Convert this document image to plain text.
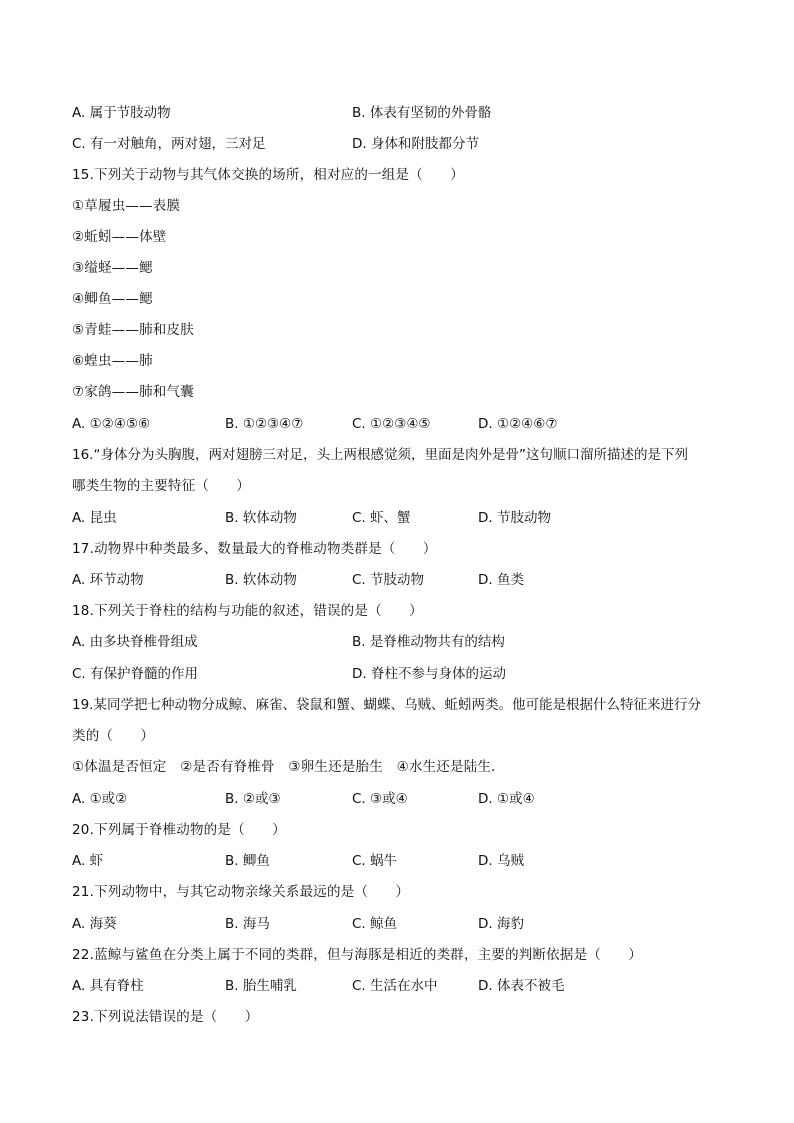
A. 属于节肢动物	B. 体表有坚韧的外骨骼
C. 有一对触角，两对翅，三对足	D. 身体和附肢都分节
15.下列关于动物与其气体交换的场所，相对应的一组是（　　）
①草履虫——表膜
②蚯蚓——体壁
③缢蛏——鳃
④鲫鱼——鳃
⑤青蛙——肺和皮肤
⑥蝗虫——肺
⑦家鸽——肺和气囊
A. ①②④⑤⑥	B. ①②③④⑦	C. ①②③④⑤	D. ①②④⑥⑦
16.“身体分为头胸腹，两对翅膀三对足，头上两根感觉须，里面是肉外是骨”这句顺口溜所描述的是下列
哪类生物的主要特征（　　）
A. 昆虫	B. 软体动物	C. 虾、蟹	D. 节肢动物
17.动物界中种类最多、数量最大的脊椎动物类群是（　　）
A. 环节动物	B. 软体动物	C. 节肢动物	D. 鱼类
18.下列关于脊柱的结构与功能的叙述，错误的是（　　）
A. 由多块脊椎骨组成	B. 是脊椎动物共有的结构
C. 有保护脊髓的作用	D. 脊柱不参与身体的运动
19.某同学把七种动物分成鲸、麻雀、袋鼠和蟹、蝴蝶、乌贼、蚯蚓两类。他可能是根据什么特征来进行分
类的（　　）
①体温是否恒定　②是否有脊椎骨　③卵生还是胎生　④水生还是陆生．
A. ①或②	B. ②或③	C. ③或④	D. ①或④
20.下列属于脊椎动物的是（　　）
A. 虾	B. 鲫鱼	C. 蜗牛	D. 乌贼
21.下列动物中，与其它动物亲缘关系最远的是（　　）
A. 海葵	B. 海马	C. 鲸鱼	D. 海豹
22.蓝鲸与鲨鱼在分类上属于不同的类群，但与海豚是相近的类群，主要的判断依据是（　　）
A. 具有脊柱	B. 胎生哺乳	C. 生活在水中	D. 体表不被毛
23.下列说法错误的是（　　）
